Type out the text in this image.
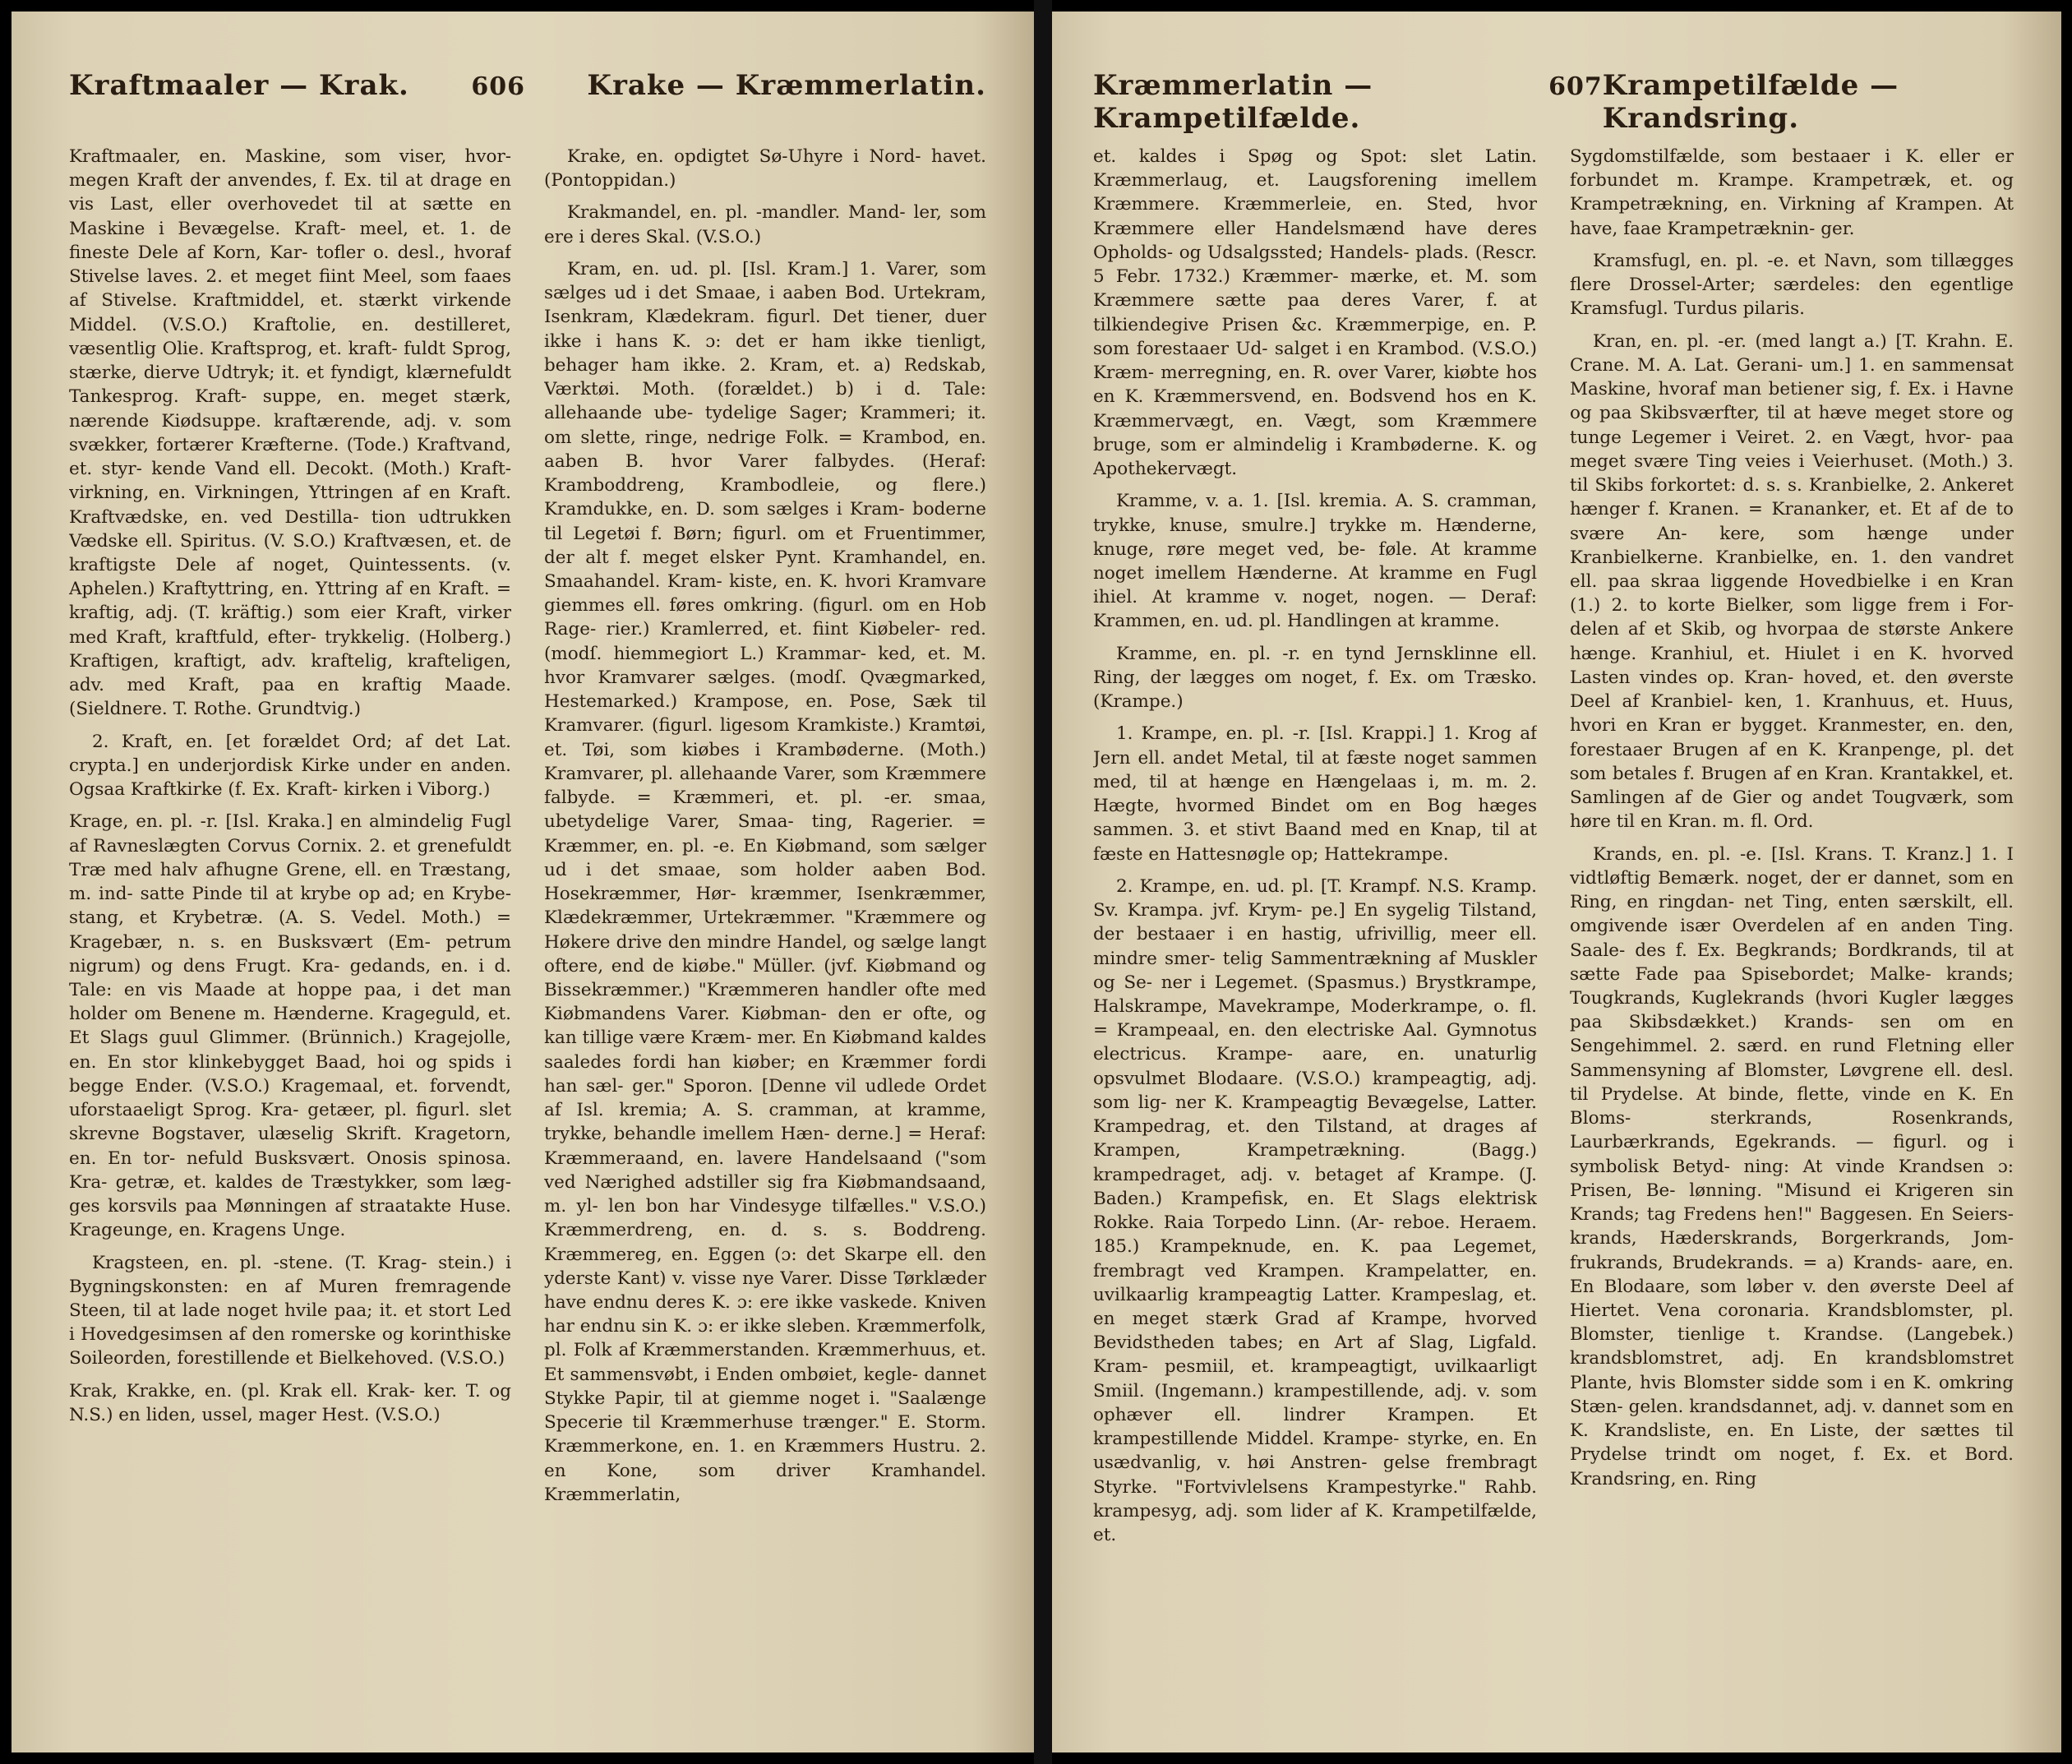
Kraftmaaler — Krak.	606 Krake — Kræmmerlatin.

Kraftmaaler, en. Maskine, som viser, hvor- megen Kraft der anvendes, f. Ex. til at drage en vis Last, eller overhovedet til at sætte en Maskine i Bevægelse. Kraft- meel, et. 1. de fineste Dele af Korn, Kar- tofler o. desl., hvoraf Stivelse laves. 2. et meget fiint Meel, som faaes af Stivelse. Kraftmiddel, et. stærkt virkende Middel. (V.S.O.) Kraftolie, en. destilleret, væsentlig Olie. Kraftsprog, et. kraft- fuldt Sprog, stærke, dierve Udtryk; it. et fyndigt, klærnefuldt Tankesprog. Kraft- suppe, en. meget stærk, nærende Kiødsuppe. kraftærende, adj. v. som svækker, fortærer Kræfterne. (Tode.) Kraftvand, et. styr- kende Vand ell. Decokt. (Moth.) Kraft- virkning, en. Virkningen, Yttringen af en Kraft. Kraftvædske, en. ved Destilla- tion udtrukken Vædske ell. Spiritus. (V. S.O.) Kraftvæsen, et. de kraftigste Dele af noget, Quintessents. (v. Aphelen.) Kraftyttring, en. Yttring af en Kraft. = kraftig, adj. (T. kräftig.) som eier Kraft, virker med Kraft, kraftfuld, efter- trykkelig. (Holberg.) Kraftigen, kraftigt, adv. kraftelig, krafteligen, adv. med Kraft, paa en kraftig Maade. (Sieldnere. T. Rothe. Grundtvig.)

2. Kraft, en. [et forældet Ord; af det Lat. crypta.] en underjordisk Kirke under en anden. Ogsaa Kraftkirke (f. Ex. Kraft- kirken i Viborg.)

Krage, en. pl. -r. [Isl. Kraka.] en almindelig Fugl af Ravneslægten Corvus Cornix. 2. et grenefuldt Træ med halv afhugne Grene, ell. en Træstang, m. ind- satte Pinde til at krybe op ad; en Krybe- stang, et Krybetræ. (A. S. Vedel. Moth.) = Kragebær, n. s. en Busksvært (Em- petrum nigrum) og dens Frugt. Kra- gedands, en. i d. Tale: en vis Maade at hoppe paa, i det man holder om Benene m. Hænderne. Krageguld, et. Et Slags guul Glimmer. (Brünnich.) Kragejolle, en. En stor klinkebygget Baad, hoi og spids i begge Ender. (V.S.O.) Kragemaal, et. forvendt, uforstaaeligt Sprog. Kra- getæer, pl. figurl. slet skrevne Bogstaver, ulæselig Skrift. Kragetorn, en. En tor- nefuld Busksvært. Onosis spinosa. Kra- getræ, et. kaldes de Træstykker, som læg- ges korsvils paa Mønningen af straatakte Huse. Krageunge, en. Kragens Unge.

Kragsteen, en. pl. -stene. (T. Krag- stein.) i Bygningskonsten: en af Muren fremragende Steen, til at lade noget hvile paa; it. et stort Led i Hovedgesimsen af den romerske og korinthiske Soileorden, forestillende et Bielkehoved. (V.S.O.)

Krak, Krakke, en. (pl. Krak ell. Krak- ker. T. og N.S.) en liden, ussel, mager Hest. (V.S.O.)

Krake, en. opdigtet Sø-Uhyre i Nord- havet. (Pontoppidan.)

Krakmandel, en. pl. -mandler. Mand- ler, som ere i deres Skal. (V.S.O.)

Kram, en. ud. pl. [Isl. Kram.] 1. Varer, som sælges ud i det Smaae, i aaben Bod. Urtekram, Isenkram, Klædekram. figurl. Det tiener, duer ikke i hans K. ɔ: det er ham ikke tienligt, behager ham ikke. 2. Kram, et. a) Redskab, Værktøi. Moth. (forældet.) b) i d. Tale: allehaande ube- tydelige Sager; Krammeri; it. om slette, ringe, nedrige Folk. = Krambod, en. aaben B. hvor Varer falbydes. (Heraf: Kramboddreng, Krambodleie, og flere.) Kramdukke, en. D. som sælges i Kram- boderne til Legetøi f. Børn; figurl. om et Fruentimmer, der alt f. meget elsker Pynt. Kramhandel, en. Smaahandel. Kram- kiste, en. K. hvori Kramvare giemmes ell. føres omkring. (figurl. om en Hob Rage- rier.) Kramlerred, et. fiint Kiøbeler- red. (modſ. hiemmegiort L.) Krammar- ked, et. M. hvor Kramvarer sælges. (modſ. Qvægmarked, Hestemarked.) Krampose, en. Pose, Sæk til Kramvarer. (figurl. ligesom Kramkiste.) Kramtøi, et. Tøi, som kiøbes i Krambøderne. (Moth.) Kramvarer, pl. allehaande Varer, som Kræmmere falbyde. = Kræmmeri, et. pl. -er. smaa, ubetydelige Varer, Smaa- ting, Ragerier. = Kræmmer, en. pl. -e. En Kiøbmand, som sælger ud i det smaae, som holder aaben Bod. Hosekræmmer, Hør- kræmmer, Isenkræmmer, Klædekræmmer, Urtekræmmer. "Kræmmere og Høkere drive den mindre Handel, og sælge langt oftere, end de kiøbe." Müller. (jvf. Kiøbmand og Bissekræmmer.) "Kræmmeren handler ofte med Kiøbmandens Varer. Kiøbman- den er ofte, og kan tillige være Kræm- mer. En Kiøbmand kaldes saaledes fordi han kiøber; en Kræmmer fordi han sæl- ger." Sporon. [Denne vil udlede Ordet af Isl. kremia; A. S. cramman, at kramme, trykke, behandle imellem Hæn- derne.] = Heraf: Kræmmeraand, en. lavere Handelsaand ("som ved Nærighed adstiller sig fra Kiøbmandsaand, m. yl- len bon har Vindesyge tilfælles." V.S.O.) Kræmmerdreng, en. d. s. s. Boddreng. Kræmmereg, en. Eggen (ɔ: det Skarpe ell. den yderste Kant) v. visse nye Varer. Disse Tørklæder have endnu deres K. ɔ: ere ikke vaskede. Kniven har endnu sin K. ɔ: er ikke sleben. Kræmmerfolk, pl. Folk af Kræmmerstanden. Kræmmerhuus, et. Et sammensvøbt, i Enden ombøiet, kegle- dannet Stykke Papir, til at giemme noget i. "Saalænge Specerie til Kræmmerhuse trænger." E. Storm. Kræmmerkone, en. 1. en Kræmmers Hustru. 2. en Kone, som driver Kramhandel. Kræmmerlatin,

Kræmmerlatin — Krampetilfælde.
607 Krampetilfælde — Krandsring.

et. kaldes i Spøg og Spot: slet Latin. Kræmmerlaug, et. Laugsforening imellem Kræmmere. Kræmmerleie, en. Sted, hvor Kræmmere eller Handelsmænd have deres Opholds- og Udsalgssted; Handels- plads. (Rescr. 5 Febr. 1732.) Kræmmer- mærke, et. M. som Kræmmere sætte paa deres Varer, f. at tilkiendegive Prisen &c. Kræmmerpige, en. P. som forestaaer Ud- salget i en Krambod. (V.S.O.) Kræm- merregning, en. R. over Varer, kiøbte hos en K. Kræmmersvend, en. Bodsvend hos en K. Kræmmervægt, en. Vægt, som Kræmmere bruge, som er almindelig i Krambøderne. K. og Apothekervægt.

Kramme, v. a. 1. [Isl. kremia. A. S. cramman, trykke, knuse, smulre.] trykke m. Hænderne, knuge, røre meget ved, be- føle. At kramme noget imellem Hænderne. At kramme en Fugl ihiel. At kramme v. noget, nogen. — Deraf: Krammen, en. ud. pl. Handlingen at kramme.

Kramme, en. pl. -r. en tynd Jernsklinne ell. Ring, der lægges om noget, f. Ex. om Træsko. (Krampe.)

1. Krampe, en. pl. -r. [Isl. Krappi.] 1. Krog af Jern ell. andet Metal, til at fæste noget sammen med, til at hænge en Hængelaas i, m. m. 2. Hægte, hvormed Bindet om en Bog hæges sammen. 3. et stivt Baand med en Knap, til at fæste en Hattesnøgle op; Hattekrampe.

2. Krampe, en. ud. pl. [T. Krampf. N.S. Kramp. Sv. Krampa. jvf. Krym- pe.] En sygelig Tilstand, der bestaaer i en hastig, ufrivillig, meer ell. mindre smer- telig Sammentrækning af Muskler og Se- ner i Legemet. (Spasmus.) Brystkrampe, Halskrampe, Mavekrampe, Moderkrampe, o. fl. = Krampeaal, en. den electriske Aal. Gymnotus electricus. Krampe- aare, en. unaturlig opsvulmet Blodaare. (V.S.O.) krampeagtig, adj. som lig- ner K. Krampeagtig Bevægelse, Latter. Krampedrag, et. den Tilstand, at drages af Krampen, Krampetrækning. (Bagg.) krampedraget, adj. v. betaget af Krampe. (J. Baden.) Krampefisk, en. Et Slags elektrisk Rokke. Raia Torpedo Linn. (Ar- reboe. Heraem. 185.) Krampeknude, en. K. paa Legemet, frembragt ved Krampen. Krampelatter, en. uvilkaarlig krampeagtig Latter. Krampeslag, et. en meget stærk Grad af Krampe, hvorved Bevidstheden tabes; en Art af Slag, Ligfald. Kram- pesmiil, et. krampeagtigt, uvilkaarligt Smiil. (Ingemann.) krampestillende, adj. v. som ophæver ell. lindrer Krampen. Et krampestillende Middel. Krampe- styrke, en. En usædvanlig, v. høi Anstren- gelse frembragt Styrke. "Fortvivlelsens Krampestyrke." Rahb. krampesyg, adj. som lider af K. Krampetilfælde, et.

Sygdomstilfælde, som bestaaer i K. eller er forbundet m. Krampe. Krampetræk, et. og Krampetrækning, en. Virkning af Krampen. At have, faae Krampetræknin- ger.

Kramsfugl, en. pl. -e. et Navn, som tillægges flere Drossel-Arter; særdeles: den egentlige Kramsfugl. Turdus pilaris.

Kran, en. pl. -er. (med langt a.) [T. Krahn. E. Crane. M. A. Lat. Gerani- um.] 1. en sammensat Maskine, hvoraf man betiener sig, f. Ex. i Havne og paa Skibsværfter, til at hæve meget store og tunge Legemer i Veiret. 2. en Vægt, hvor- paa meget svære Ting veies i Veierhuset. (Moth.) 3. til Skibs forkortet: d. s. s. Kranbielke, 2. Ankeret hænger f. Kranen. = Krananker, et. Et af de to svære An- kere, som hænge under Kranbielkerne. Kranbielke, en. 1. den vandret ell. paa skraa liggende Hovedbielke i en Kran (1.) 2. to korte Bielker, som ligge frem i For- delen af et Skib, og hvorpaa de største Ankere hænge. Kranhiul, et. Hiulet i en K. hvorved Lasten vindes op. Kran- hoved, et. den øverste Deel af Kranbiel- ken, 1. Kranhuus, et. Huus, hvori en Kran er bygget. Kranmester, en. den, forestaaer Brugen af en K. Kranpenge, pl. det som betales f. Brugen af en Kran. Krantakkel, et. Samlingen af de Gier og andet Tougværk, som høre til en Kran. m. fl. Ord.

Krands, en. pl. -e. [Isl. Krans. T. Kranz.] 1. I vidtløftig Bemærk. noget, der er dannet, som en Ring, en ringdan- net Ting, enten særskilt, ell. omgivende især Overdelen af en anden Ting. Saale- des f. Ex. Begkrands; Bordkrands, til at sætte Fade paa Spisebordet; Malke- krands; Tougkrands, Kuglekrands (hvori Kugler lægges paa Skibsdækket.) Krands- sen om en Sengehimmel. 2. særd. en rund Fletning eller Sammensyning af Blomster, Løvgrene ell. desl. til Prydelse. At binde, flette, vinde en K. En Bloms- sterkrands, Rosenkrands, Laurbærkrands, Egekrands. — figurl. og i symbolisk Betyd- ning: At vinde Krandsen ɔ: Prisen, Be- lønning. "Misund ei Krigeren sin Krands; tag Fredens hen!" Baggesen. En Seiers- krands, Hæderskrands, Borgerkrands, Jom- frukrands, Brudekrands. = a) Krands- aare, en. En Blodaare, som løber v. den øverste Deel af Hiertet. Vena coronaria. Krandsblomster, pl. Blomster, tienlige t. Krandse. (Langebek.) krandsblomstret, adj. En krandsblomstret Plante, hvis Blomster sidde som i en K. omkring Stæn- gelen. krandsdannet, adj. v. dannet som en K. Krandsliste, en. En Liste, der sættes til Prydelse trindt om noget, f. Ex. et Bord. Krandsring, en. Ring
